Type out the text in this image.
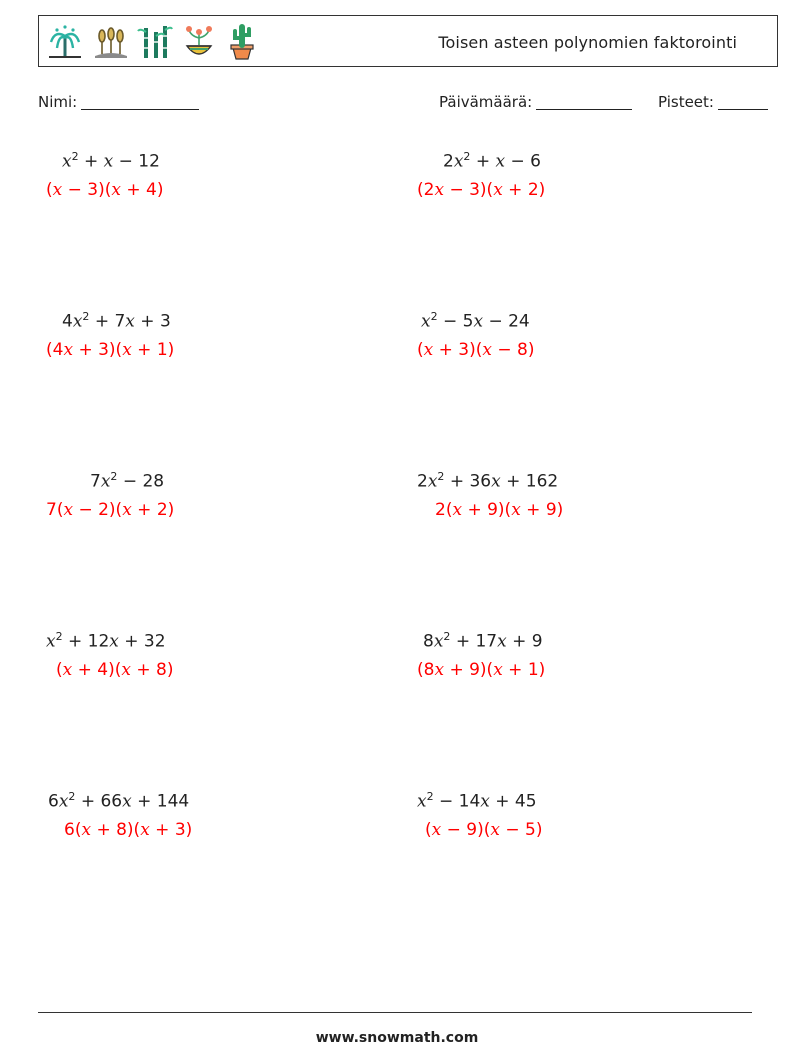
Toisen asteen polynomien faktorointi
Nimi:	Päivämäärä:	Pisteet:
$x^2 + x - 12$
(x − 3)(x + 4)
$2x^2 + x - 6$
(2x − 3)(x + 2)
$4x^2 + 7x + 3$
(4x + 3)(x + 1)
$x^2 - 5x - 24$
(x + 3)(x − 8)
$7x^2 - 28$
7(x − 2)(x + 2)
$2x^2 + 36x + 162$
2(x + 9)(x + 9)
$x^2 + 12x + 32$
(x + 4)(x + 8)
$8x^2 + 17x + 9$
(8x + 9)(x + 1)
$6x^2 + 66x + 144$
6(x + 8)(x + 3)
$x^2 - 14x + 45$
(x − 9)(x − 5)
www.snowmath.com
